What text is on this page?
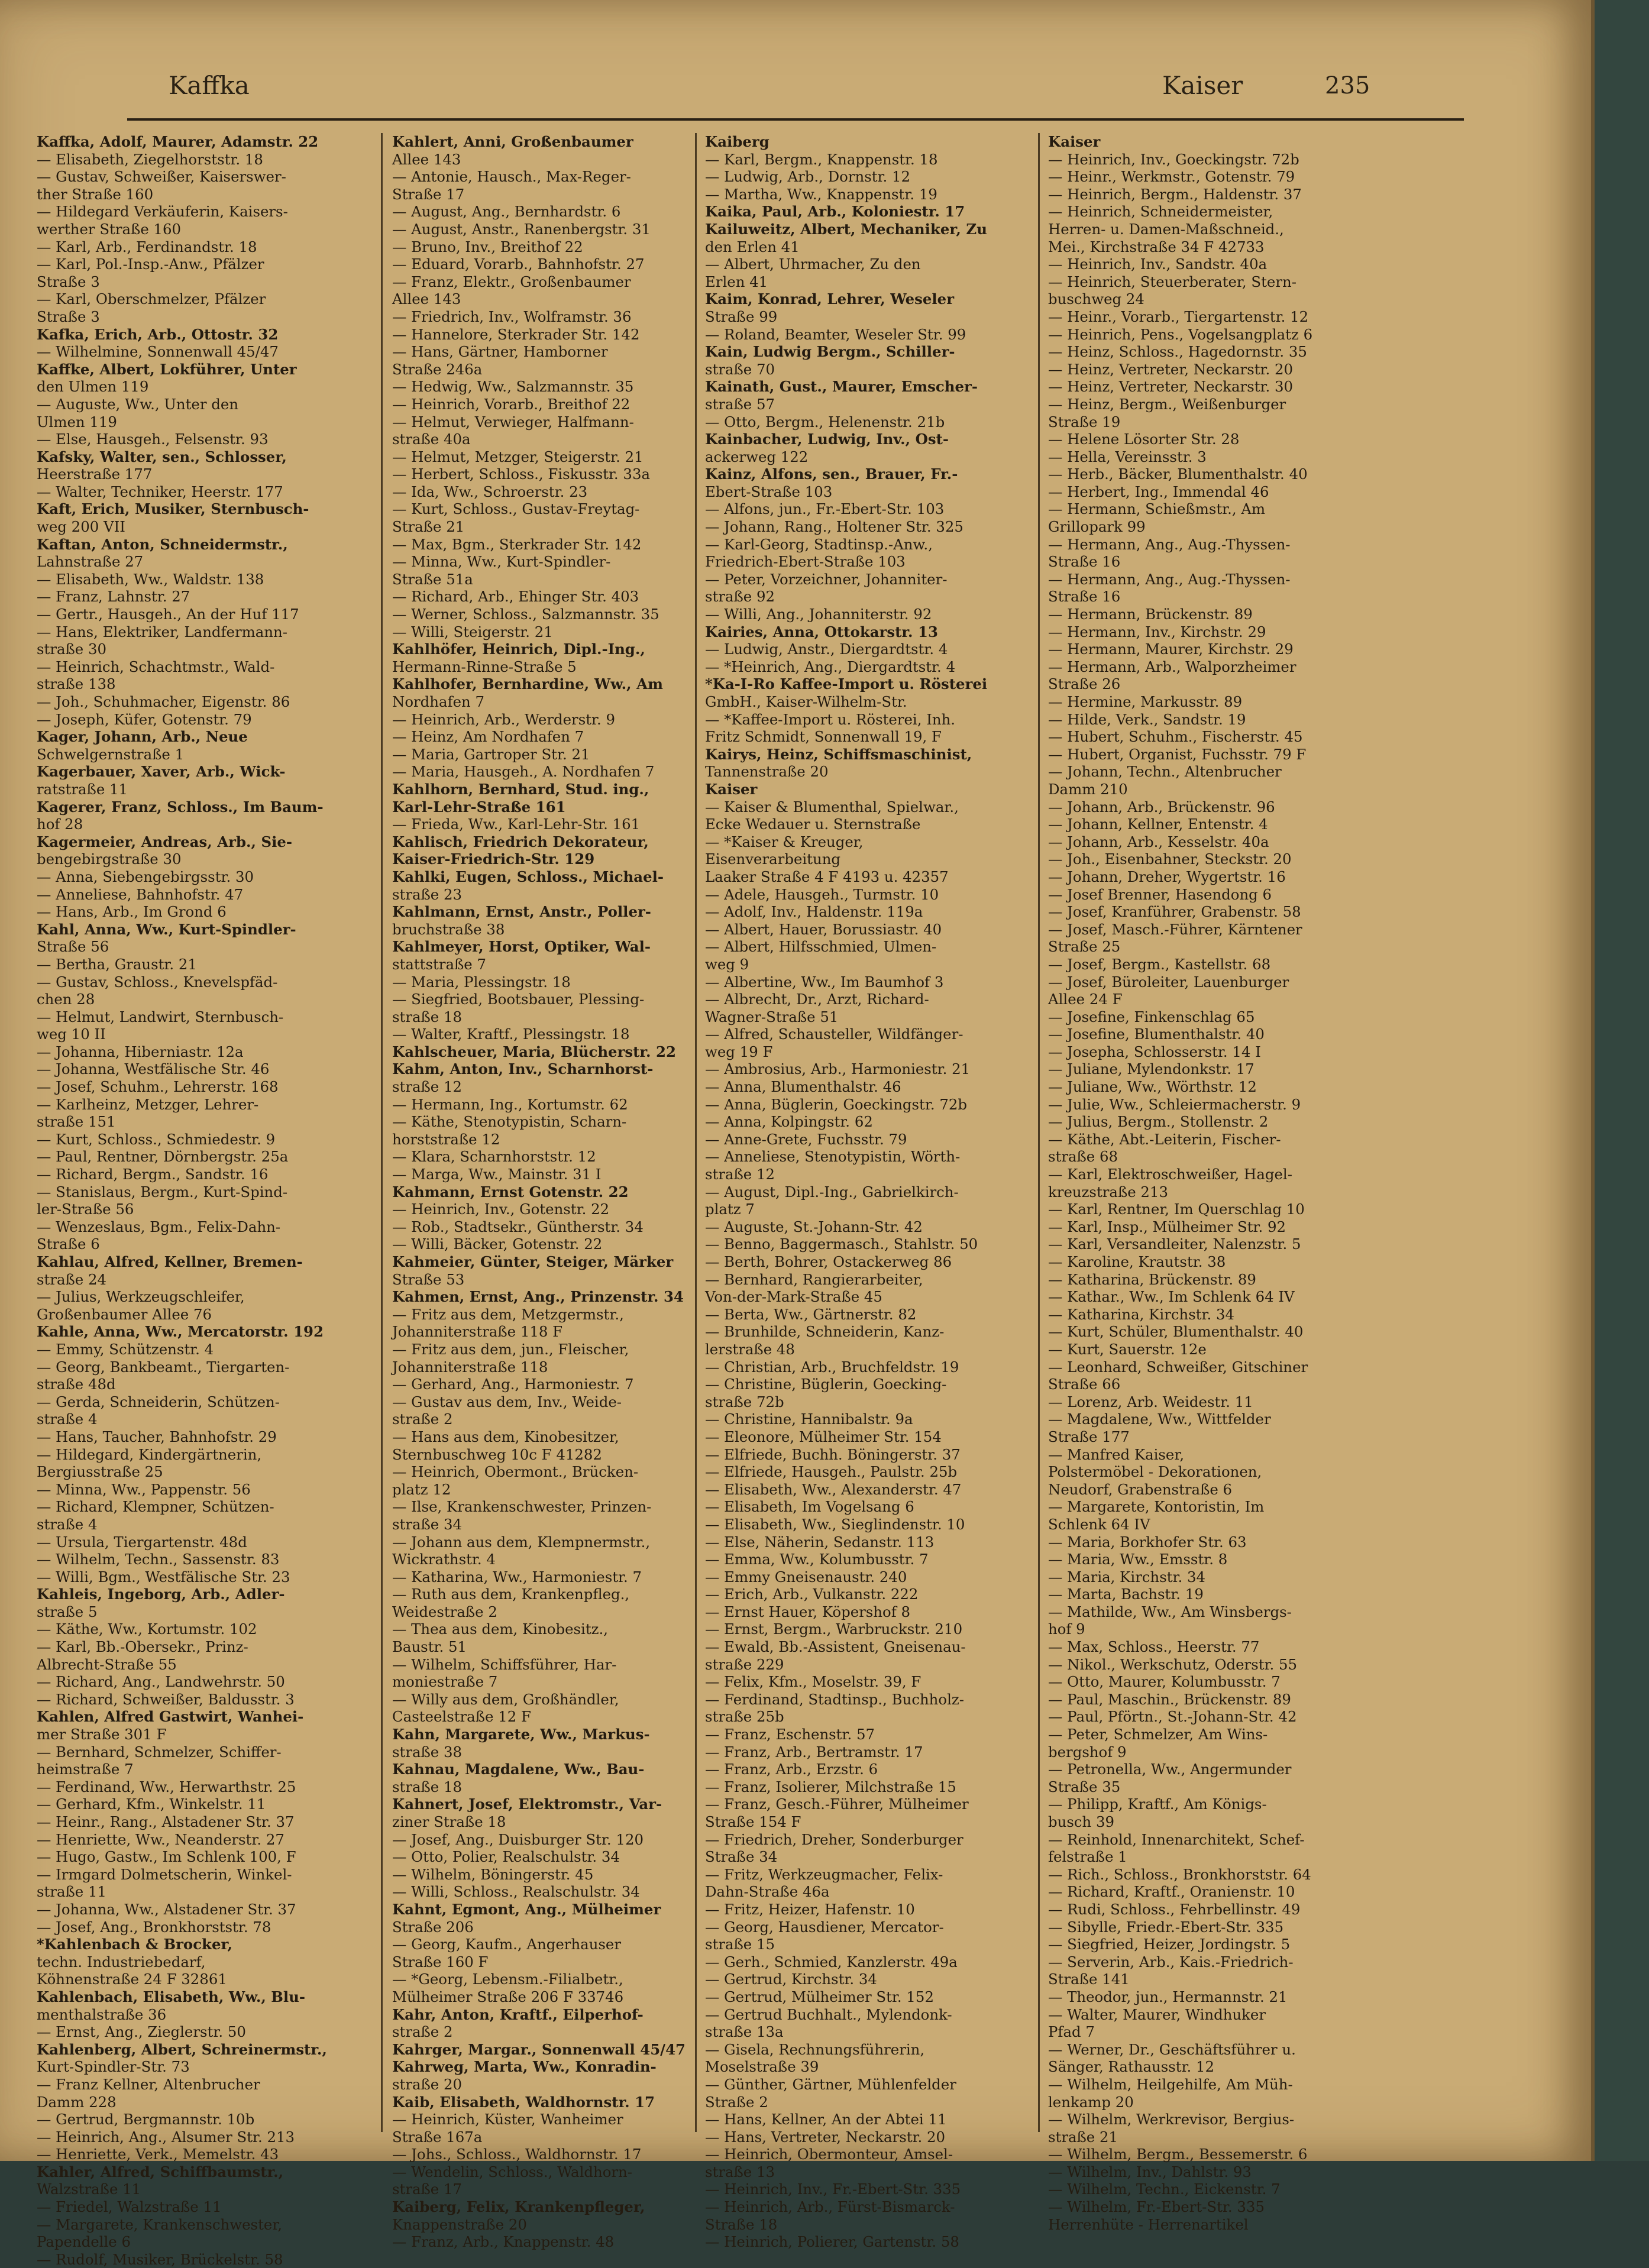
Kaffka	Kaiser	235
Kaffka, Adolf, Maurer, Adamstr. 22
— Elisabeth, Ziegelhorststr. 18
— Gustav, Schweißer, Kaiserswer-
ther Straße 160
— Hildegard Verkäuferin, Kaisers-
werther Straße 160
— Karl, Arb., Ferdinandstr. 18
— Karl, Pol.-Insp.-Anw., Pfälzer
Straße 3
— Karl, Oberschmelzer, Pfälzer
Straße 3
Kafka, Erich, Arb., Ottostr. 32
— Wilhelmine, Sonnenwall 45/47
Kaffke, Albert, Lokführer, Unter
den Ulmen 119
— Auguste, Ww., Unter den
Ulmen 119
— Else, Hausgeh., Felsenstr. 93
Kafsky, Walter, sen., Schlosser,
Heerstraße 177
— Walter, Techniker, Heerstr. 177
Kaft, Erich, Musiker, Sternbusch-
weg 200 VII
Kaftan, Anton, Schneidermstr.,
Lahnstraße 27
— Elisabeth, Ww., Waldstr. 138
— Franz, Lahnstr. 27
— Gertr., Hausgeh., An der Huf 117
— Hans, Elektriker, Landfermann-
straße 30
— Heinrich, Schachtmstr., Wald-
straße 138
— Joh., Schuhmacher, Eigenstr. 86
— Joseph, Küfer, Gotenstr. 79
Kager, Johann, Arb., Neue
Schwelgernstraße 1
Kagerbauer, Xaver, Arb., Wick-
ratstraße 11
Kagerer, Franz, Schloss., Im Baum-
hof 28
Kagermeier, Andreas, Arb., Sie-
bengebirgstraße 30
— Anna, Siebengebirgsstr. 30
— Anneliese, Bahnhofstr. 47
— Hans, Arb., Im Grond 6
Kahl, Anna, Ww., Kurt-Spindler-
Straße 56
— Bertha, Graustr. 21
— Gustav, Schloss., Knevelspfäd-
chen 28
— Helmut, Landwirt, Sternbusch-
weg 10 II
— Johanna, Hiberniastr. 12a
— Johanna, Westfälische Str. 46
— Josef, Schuhm., Lehrerstr. 168
— Karlheinz, Metzger, Lehrer-
straße 151
— Kurt, Schloss., Schmiedestr. 9
— Paul, Rentner, Dörnbergstr. 25a
— Richard, Bergm., Sandstr. 16
— Stanislaus, Bergm., Kurt-Spind-
ler-Straße 56
— Wenzeslaus, Bgm., Felix-Dahn-
Straße 6
Kahlau, Alfred, Kellner, Bremen-
straße 24
— Julius, Werkzeugschleifer,
Großenbaumer Allee 76
Kahle, Anna, Ww., Mercatorstr. 192
— Emmy, Schützenstr. 4
— Georg, Bankbeamt., Tiergarten-
straße 48d
— Gerda, Schneiderin, Schützen-
straße 4
— Hans, Taucher, Bahnhofstr. 29
— Hildegard, Kindergärtnerin,
Bergiusstraße 25
— Minna, Ww., Pappenstr. 56
— Richard, Klempner, Schützen-
straße 4
— Ursula, Tiergartenstr. 48d
— Wilhelm, Techn., Sassenstr. 83
— Willi, Bgm., Westfälische Str. 23
Kahleis, Ingeborg, Arb., Adler-
straße 5
— Käthe, Ww., Kortumstr. 102
— Karl, Bb.-Obersekr., Prinz-
Albrecht-Straße 55
— Richard, Ang., Landwehrstr. 50
— Richard, Schweißer, Baldusstr. 3
Kahlen, Alfred Gastwirt, Wanhei-
mer Straße 301 F
— Bernhard, Schmelzer, Schiffer-
heimstraße 7
— Ferdinand, Ww., Herwarthstr. 25
— Gerhard, Kfm., Winkelstr. 11
— Heinr., Rang., Alstadener Str. 37
— Henriette, Ww., Neanderstr. 27
— Hugo, Gastw., Im Schlenk 100, F
— Irmgard Dolmetscherin, Winkel-
straße 11
— Johanna, Ww., Alstadener Str. 37
— Josef, Ang., Bronkhorststr. 78
*Kahlenbach & Brocker,
techn. Industriebedarf,
Köhnenstraße 24 F 32861
Kahlenbach, Elisabeth, Ww., Blu-
menthalstraße 36
— Ernst, Ang., Zieglerstr. 50
Kahlenberg, Albert, Schreinermstr.,
Kurt-Spindler-Str. 73
— Franz Kellner, Altenbrucher
Damm 228
— Gertrud, Bergmannstr. 10b
— Heinrich, Ang., Alsumer Str. 213
— Henriette, Verk., Memelstr. 43
Kahler, Alfred, Schiffbaumstr.,
Walzstraße 11
— Friedel, Walzstraße 11
— Margarete, Krankenschwester,
Papendelle 6
— Rudolf, Musiker, Brückelstr. 58
Kahlert, Anni, Großenbaumer
Allee 143
— Antonie, Hausch., Max-Reger-
Straße 17
— August, Ang., Bernhardstr. 6
— August, Anstr., Ranenbergstr. 31
— Bruno, Inv., Breithof 22
— Eduard, Vorarb., Bahnhofstr. 27
— Franz, Elektr., Großenbaumer
Allee 143
— Friedrich, Inv., Wolframstr. 36
— Hannelore, Sterkrader Str. 142
— Hans, Gärtner, Hamborner
Straße 246a
— Hedwig, Ww., Salzmannstr. 35
— Heinrich, Vorarb., Breithof 22
— Helmut, Verwieger, Halfmann-
straße 40a
— Helmut, Metzger, Steigerstr. 21
— Herbert, Schloss., Fiskusstr. 33a
— Ida, Ww., Schroerstr. 23
— Kurt, Schloss., Gustav-Freytag-
Straße 21
— Max, Bgm., Sterkrader Str. 142
— Minna, Ww., Kurt-Spindler-
Straße 51a
— Richard, Arb., Ehinger Str. 403
— Werner, Schloss., Salzmannstr. 35
— Willi, Steigerstr. 21
Kahlhöfer, Heinrich, Dipl.-Ing.,
Hermann-Rinne-Straße 5
Kahlhofer, Bernhardine, Ww., Am
Nordhafen 7
— Heinrich, Arb., Werderstr. 9
— Heinz, Am Nordhafen 7
— Maria, Gartroper Str. 21
— Maria, Hausgeh., A. Nordhafen 7
Kahlhorn, Bernhard, Stud. ing.,
Karl-Lehr-Straße 161
— Frieda, Ww., Karl-Lehr-Str. 161
Kahlisch, Friedrich Dekorateur,
Kaiser-Friedrich-Str. 129
Kahlki, Eugen, Schloss., Michael-
straße 23
Kahlmann, Ernst, Anstr., Poller-
bruchstraße 38
Kahlmeyer, Horst, Optiker, Wal-
stattstraße 7
— Maria, Plessingstr. 18
— Siegfried, Bootsbauer, Plessing-
straße 18
— Walter, Kraftf., Plessingstr. 18
Kahlscheuer, Maria, Blücherstr. 22
Kahm, Anton, Inv., Scharnhorst-
straße 12
— Hermann, Ing., Kortumstr. 62
— Käthe, Stenotypistin, Scharn-
horststraße 12
— Klara, Scharnhorststr. 12
— Marga, Ww., Mainstr. 31 I
Kahmann, Ernst Gotenstr. 22
— Heinrich, Inv., Gotenstr. 22
— Rob., Stadtsekr., Güntherstr. 34
— Willi, Bäcker, Gotenstr. 22
Kahmeier, Günter, Steiger, Märker
Straße 53
Kahmen, Ernst, Ang., Prinzenstr. 34
— Fritz aus dem, Metzgermstr.,
Johanniterstraße 118 F
— Fritz aus dem, jun., Fleischer,
Johanniterstraße 118
— Gerhard, Ang., Harmoniestr. 7
— Gustav aus dem, Inv., Weide-
straße 2
— Hans aus dem, Kinobesitzer,
Sternbuschweg 10c F 41282
— Heinrich, Obermont., Brücken-
platz 12
— Ilse, Krankenschwester, Prinzen-
straße 34
— Johann aus dem, Klempnermstr.,
Wickrathstr. 4
— Katharina, Ww., Harmoniestr. 7
— Ruth aus dem, Krankenpfleg.,
Weidestraße 2
— Thea aus dem, Kinobesitz.,
Baustr. 51
— Wilhelm, Schiffsführer, Har-
moniestraße 7
— Willy aus dem, Großhändler,
Casteelstraße 12 F
Kahn, Margarete, Ww., Markus-
straße 38
Kahnau, Magdalene, Ww., Bau-
straße 18
Kahnert, Josef, Elektromstr., Var-
ziner Straße 18
— Josef, Ang., Duisburger Str. 120
— Otto, Polier, Realschulstr. 34
— Wilhelm, Böningerstr. 45
— Willi, Schloss., Realschulstr. 34
Kahnt, Egmont, Ang., Mülheimer
Straße 206
— Georg, Kaufm., Angerhauser
Straße 160 F
— *Georg, Lebensm.-Filialbetr.,
Mülheimer Straße 206 F 33746
Kahr, Anton, Kraftf., Eilperhof-
straße 2
Kahrger, Margar., Sonnenwall 45/47
Kahrweg, Marta, Ww., Konradin-
straße 20
Kaib, Elisabeth, Waldhornstr. 17
— Heinrich, Küster, Wanheimer
Straße 167a
— Johs., Schloss., Waldhornstr. 17
— Wendelin, Schloss., Waldhorn-
straße 17
Kaiberg, Felix, Krankenpfleger,
Knappenstraße 20
— Franz, Arb., Knappenstr. 48
Kaiberg
— Karl, Bergm., Knappenstr. 18
— Ludwig, Arb., Dornstr. 12
— Martha, Ww., Knappenstr. 19
Kaika, Paul, Arb., Koloniestr. 17
Kailuweitz, Albert, Mechaniker, Zu
den Erlen 41
— Albert, Uhrmacher, Zu den
Erlen 41
Kaim, Konrad, Lehrer, Weseler
Straße 99
— Roland, Beamter, Weseler Str. 99
Kain, Ludwig Bergm., Schiller-
straße 70
Kainath, Gust., Maurer, Emscher-
straße 57
— Otto, Bergm., Helenenstr. 21b
Kainbacher, Ludwig, Inv., Ost-
ackerweg 122
Kainz, Alfons, sen., Brauer, Fr.-
Ebert-Straße 103
— Alfons, jun., Fr.-Ebert-Str. 103
— Johann, Rang., Holtener Str. 325
— Karl-Georg, Stadtinsp.-Anw.,
Friedrich-Ebert-Straße 103
— Peter, Vorzeichner, Johanniter-
straße 92
— Willi, Ang., Johanniterstr. 92
Kairies, Anna, Ottokarstr. 13
— Ludwig, Anstr., Diergardtstr. 4
— *Heinrich, Ang., Diergardtstr. 4
*Ka-I-Ro Kaffee-Import u. Rösterei
GmbH., Kaiser-Wilhelm-Str.
— *Kaffee-Import u. Rösterei, Inh.
Fritz Schmidt, Sonnenwall 19, F
Kairys, Heinz, Schiffsmaschinist,
Tannenstraße 20
Kaiser
— Kaiser & Blumenthal, Spielwar.,
Ecke Wedauer u. Sternstraße
— *Kaiser & Kreuger,
Eisenverarbeitung
Laaker Straße 4 F 4193 u. 42357
— Adele, Hausgeh., Turmstr. 10
— Adolf, Inv., Haldenstr. 119a
— Albert, Hauer, Borussiastr. 40
— Albert, Hilfsschmied, Ulmen-
weg 9
— Albertine, Ww., Im Baumhof 3
— Albrecht, Dr., Arzt, Richard-
Wagner-Straße 51
— Alfred, Schausteller, Wildfänger-
weg 19 F
— Ambrosius, Arb., Harmoniestr. 21
— Anna, Blumenthalstr. 46
— Anna, Büglerin, Goeckingstr. 72b
— Anna, Kolpingstr. 62
— Anne-Grete, Fuchsstr. 79
— Anneliese, Stenotypistin, Wörth-
straße 12
— August, Dipl.-Ing., Gabrielkirch-
platz 7
— Auguste, St.-Johann-Str. 42
— Benno, Baggermasch., Stahlstr. 50
— Berth, Bohrer, Ostackerweg 86
— Bernhard, Rangierarbeiter,
Von-der-Mark-Straße 45
— Berta, Ww., Gärtnerstr. 82
— Brunhilde, Schneiderin, Kanz-
lerstraße 48
— Christian, Arb., Bruchfeldstr. 19
— Christine, Büglerin, Goecking-
straße 72b
— Christine, Hannibalstr. 9a
— Eleonore, Mülheimer Str. 154
— Elfriede, Buchh. Böningerstr. 37
— Elfriede, Hausgeh., Paulstr. 25b
— Elisabeth, Ww., Alexanderstr. 47
— Elisabeth, Im Vogelsang 6
— Elisabeth, Ww., Sieglindenstr. 10
— Else, Näherin, Sedanstr. 113
— Emma, Ww., Kolumbusstr. 7
— Emmy Gneisenaustr. 240
— Erich, Arb., Vulkanstr. 222
— Ernst Hauer, Köpershof 8
— Ernst, Bergm., Warbruckstr. 210
— Ewald, Bb.-Assistent, Gneisenau-
straße 229
— Felix, Kfm., Moselstr. 39, F
— Ferdinand, Stadtinsp., Buchholz-
straße 25b
— Franz, Eschenstr. 57
— Franz, Arb., Bertramstr. 17
— Franz, Arb., Erzstr. 6
— Franz, Isolierer, Milchstraße 15
— Franz, Gesch.-Führer, Mülheimer
Straße 154 F
— Friedrich, Dreher, Sonderburger
Straße 34
— Fritz, Werkzeugmacher, Felix-
Dahn-Straße 46a
— Fritz, Heizer, Hafenstr. 10
— Georg, Hausdiener, Mercator-
straße 15
— Gerh., Schmied, Kanzlerstr. 49a
— Gertrud, Kirchstr. 34
— Gertrud, Mülheimer Str. 152
— Gertrud Buchhalt., Mylendonk-
straße 13a
— Gisela, Rechnungsführerin,
Moselstraße 39
— Günther, Gärtner, Mühlenfelder
Straße 2
— Hans, Kellner, An der Abtei 11
— Hans, Vertreter, Neckarstr. 20
— Heinrich, Obermonteur, Amsel-
straße 13
— Heinrich, Inv., Fr.-Ebert-Str. 335
— Heinrich, Arb., Fürst-Bismarck-
Straße 18
— Heinrich, Polierer, Gartenstr. 58
Kaiser
— Heinrich, Inv., Goeckingstr. 72b
— Heinr., Werkmstr., Gotenstr. 79
— Heinrich, Bergm., Haldenstr. 37
— Heinrich, Schneidermeister,
Herren- u. Damen-Maßschneid.,
Mei., Kirchstraße 34 F 42733
— Heinrich, Inv., Sandstr. 40a
— Heinrich, Steuerberater, Stern-
buschweg 24
— Heinr., Vorarb., Tiergartenstr. 12
— Heinrich, Pens., Vogelsangplatz 6
— Heinz, Schloss., Hagedornstr. 35
— Heinz, Vertreter, Neckarstr. 20
— Heinz, Vertreter, Neckarstr. 30
— Heinz, Bergm., Weißenburger
Straße 19
— Helene Lösorter Str. 28
— Hella, Vereinsstr. 3
— Herb., Bäcker, Blumenthalstr. 40
— Herbert, Ing., Immendal 46
— Hermann, Schießmstr., Am
Grillopark 99
— Hermann, Ang., Aug.-Thyssen-
Straße 16
— Hermann, Ang., Aug.-Thyssen-
Straße 16
— Hermann, Brückenstr. 89
— Hermann, Inv., Kirchstr. 29
— Hermann, Maurer, Kirchstr. 29
— Hermann, Arb., Walporzheimer
Straße 26
— Hermine, Markusstr. 89
— Hilde, Verk., Sandstr. 19
— Hubert, Schuhm., Fischerstr. 45
— Hubert, Organist, Fuchsstr. 79 F
— Johann, Techn., Altenbrucher
Damm 210
— Johann, Arb., Brückenstr. 96
— Johann, Kellner, Entenstr. 4
— Johann, Arb., Kesselstr. 40a
— Joh., Eisenbahner, Steckstr. 20
— Johann, Dreher, Wygertstr. 16
— Josef Brenner, Hasendong 6
— Josef, Kranführer, Grabenstr. 58
— Josef, Masch.-Führer, Kärntener
Straße 25
— Josef, Bergm., Kastellstr. 68
— Josef, Büroleiter, Lauenburger
Allee 24 F
— Josefine, Finkenschlag 65
— Josefine, Blumenthalstr. 40
— Josepha, Schlosserstr. 14 I
— Juliane, Mylendonkstr. 17
— Juliane, Ww., Wörthstr. 12
— Julie, Ww., Schleiermacherstr. 9
— Julius, Bergm., Stollenstr. 2
— Käthe, Abt.-Leiterin, Fischer-
straße 68
— Karl, Elektroschweißer, Hagel-
kreuzstraße 213
— Karl, Rentner, Im Querschlag 10
— Karl, Insp., Mülheimer Str. 92
— Karl, Versandleiter, Nalenzstr. 5
— Karoline, Krautstr. 38
— Katharina, Brückenstr. 89
— Kathar., Ww., Im Schlenk 64 IV
— Katharina, Kirchstr. 34
— Kurt, Schüler, Blumenthalstr. 40
— Kurt, Sauerstr. 12e
— Leonhard, Schweißer, Gitschiner
Straße 66
— Lorenz, Arb. Weidestr. 11
— Magdalene, Ww., Wittfelder
Straße 177
— Manfred Kaiser,
Polstermöbel - Dekorationen,
Neudorf, Grabenstraße 6
— Margarete, Kontoristin, Im
Schlenk 64 IV
— Maria, Borkhofer Str. 63
— Maria, Ww., Emsstr. 8
— Maria, Kirchstr. 34
— Marta, Bachstr. 19
— Mathilde, Ww., Am Winsbergs-
hof 9
— Max, Schloss., Heerstr. 77
— Nikol., Werkschutz, Oderstr. 55
— Otto, Maurer, Kolumbusstr. 7
— Paul, Maschin., Brückenstr. 89
— Paul, Pförtn., St.-Johann-Str. 42
— Peter, Schmelzer, Am Wins-
bergshof 9
— Petronella, Ww., Angermunder
Straße 35
— Philipp, Kraftf., Am Königs-
busch 39
— Reinhold, Innenarchitekt, Schef-
felstraße 1
— Rich., Schloss., Bronkhorststr. 64
— Richard, Kraftf., Oranienstr. 10
— Rudi, Schloss., Fehrbellinstr. 49
— Sibylle, Friedr.-Ebert-Str. 335
— Siegfried, Heizer, Jordingstr. 5
— Serverin, Arb., Kais.-Friedrich-
Straße 141
— Theodor, jun., Hermannstr. 21
— Walter, Maurer, Windhuker
Pfad 7
— Werner, Dr., Geschäftsführer u.
Sänger, Rathausstr. 12
— Wilhelm, Heilgehilfe, Am Müh-
lenkamp 20
— Wilhelm, Werkrevisor, Bergius-
straße 21
— Wilhelm, Bergm., Bessemerstr. 6
— Wilhelm, Inv., Dahlstr. 93
— Wilhelm, Techn., Eickenstr. 7
— Wilhelm, Fr.-Ebert-Str. 335
Herrenhüte - Herrenartikel
